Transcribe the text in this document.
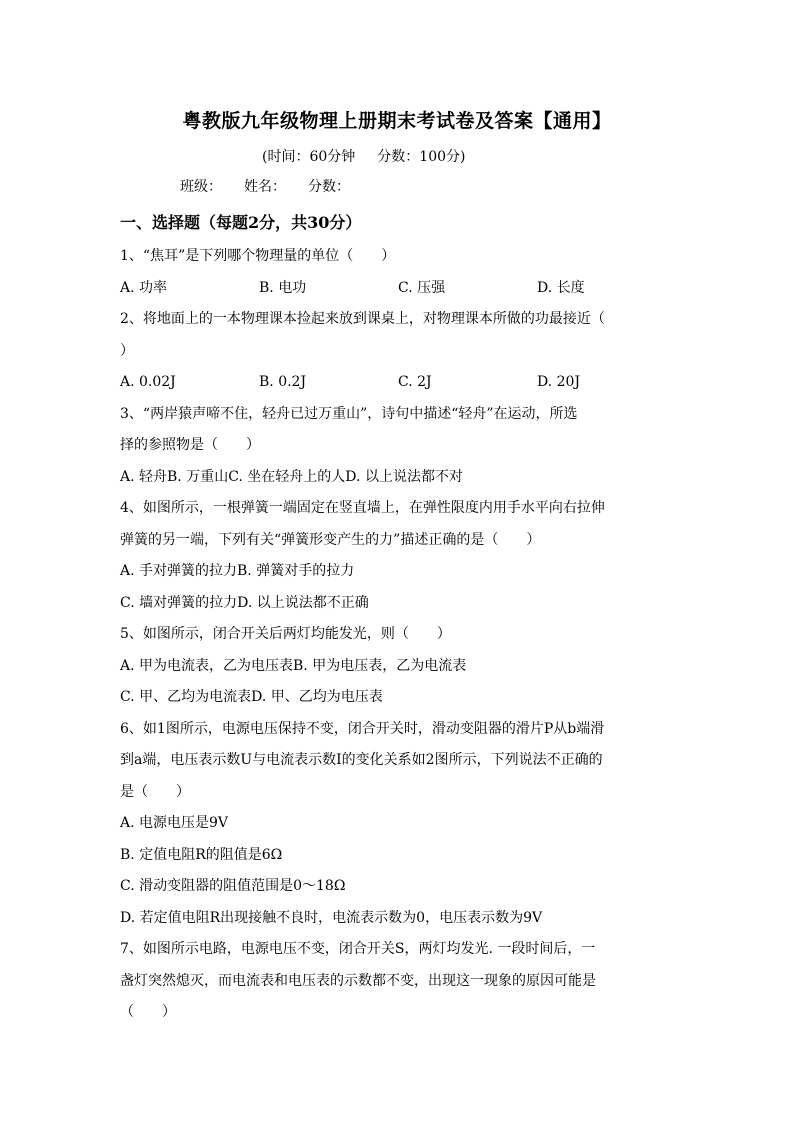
粤教版九年级物理上册期末考试卷及答案【通用】
(时间：60分钟 分数：100分)
班级： 姓名： 分数：
一、选择题（每题2分，共30分）
1、“焦耳”是下列哪个物理量的单位（　　）
A. 功率	B. 电功	C. 压强	D. 长度
2、将地面上的一本物理课本捡起来放到课桌上，对物理课本所做的功最接近（
）
A. 0.02J	B. 0.2J	C. 2J	D. 20J
3、“两岸猿声啼不住，轻舟已过万重山”，诗句中描述“轻舟”在运动，所选
择的参照物是（　　）
A. 轻舟B. 万重山C. 坐在轻舟上的人D. 以上说法都不对
4、如图所示，一根弹簧一端固定在竖直墙上，在弹性限度内用手水平向右拉伸
弹簧的另一端，下列有关“弹簧形变产生的力”描述正确的是（　　）
A. 手对弹簧的拉力B. 弹簧对手的拉力
C. 墙对弹簧的拉力D. 以上说法都不正确
5、如图所示，闭合开关后两灯均能发光，则（　　）
A. 甲为电流表，乙为电压表B. 甲为电压表，乙为电流表
C. 甲、乙均为电流表D. 甲、乙均为电压表
6、如1图所示，电源电压保持不变，闭合开关时，滑动变阻器的滑片P从b端滑
到a端，电压表示数U与电流表示数I的变化关系如2图所示，下列说法不正确的
是（　　）
A. 电源电压是9V
B. 定值电阻R的阻值是6Ω
C. 滑动变阻器的阻值范围是0～18Ω
D. 若定值电阻R出现接触不良时，电流表示数为0，电压表示数为9V
7、如图所示电路，电源电压不变，闭合开关S，两灯均发光. 一段时间后，一
盏灯突然熄灭，而电流表和电压表的示数都不变，出现这一现象的原因可能是
（　　）
